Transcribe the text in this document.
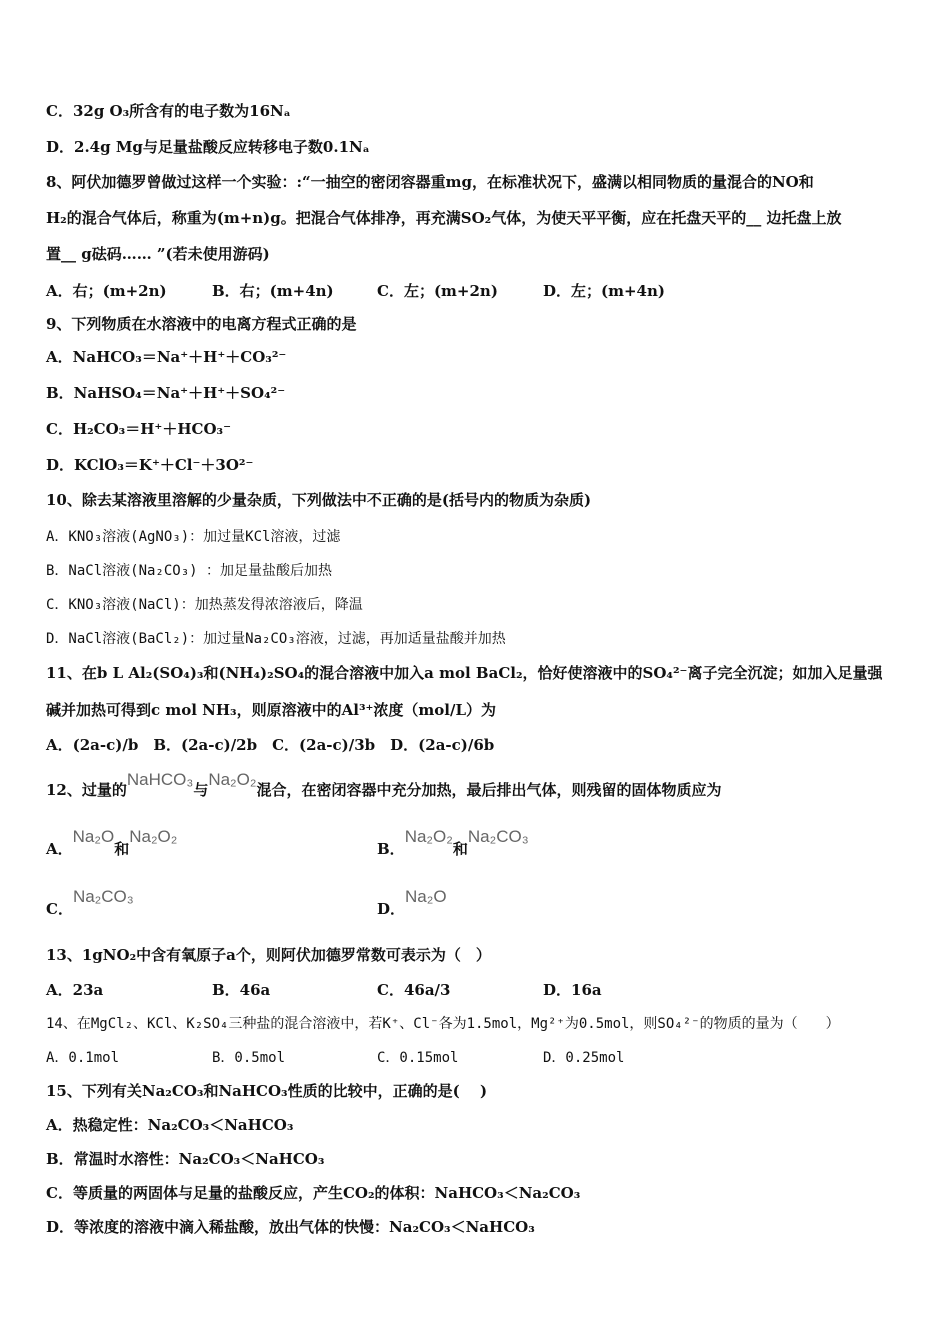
C．32g O₃所含有的电子数为16Nₐ
D．2.4g Mg与足量盐酸反应转移电子数0.1Nₐ
8、阿伏加德罗曾做过这样一个实验：:“一抽空的密闭容器重mg，在标准状况下，盛满以相同物质的量混合的NO和
H₂的混合气体后，称重为(m+n)g。把混合气体排净，再充满SO₂气体，为使天平平衡，应在托盘天平的__ 边托盘上放
置__ g砝码…… ”(若未使用游码)
A．右；(m+2n)	B．右；(m+4n)	C．左；(m+2n)	D．左；(m+4n)
9、下列物质在水溶液中的电离方程式正确的是
A．NaHCO₃＝Na⁺＋H⁺＋CO₃²⁻
B．NaHSO₄＝Na⁺＋H⁺＋SO₄²⁻
C．H₂CO₃＝H⁺＋HCO₃⁻
D．KClO₃＝K⁺＋Cl⁻＋3O²⁻
10、除去某溶液里溶解的少量杂质，下列做法中不正确的是(括号内的物质为杂质)
A．KNO₃溶液(AgNO₃)：加过量KCl溶液，过滤
B．NaCl溶液(Na₂CO₃) ：加足量盐酸后加热
C．KNO₃溶液(NaCl)：加热蒸发得浓溶液后，降温
D．NaCl溶液(BaCl₂)：加过量Na₂CO₃溶液，过滤，再加适量盐酸并加热
11、在b L Al₂(SO₄)₃和(NH₄)₂SO₄的混合溶液中加入a mol BaCl₂，恰好使溶液中的SO₄²⁻离子完全沉淀；如加入足量强
碱并加热可得到c mol NH₃，则原溶液中的Al³⁺浓度（mol/L）为
A．(2a-c)/b　B．(2a-c)/2b　C．(2a-c)/3b　D．(2a-c)/6b
12、过量的NaHCO₃与Na₂O₂混合，在密闭容器中充分加热，最后排出气体，则残留的固体物质应为
A．Na₂O和Na₂O₂
B．Na₂O₂和Na₂CO₃
C．Na₂CO₃
D．Na₂O
13、1gNO₂中含有氧原子a个，则阿伏加德罗常数可表示为（　）
A．23a	B．46a	C．46a/3	D．16a
14、在MgCl₂、KCl、K₂SO₄三种盐的混合溶液中，若K⁺、Cl⁻各为1.5mol，Mg²⁺为0.5mol，则SO₄²⁻的物质的量为（　　）
A．0.1mol	B．0.5mol	C．0.15mol	D．0.25mol
15、下列有关Na₂CO₃和NaHCO₃性质的比较中，正确的是(　 )
A．热稳定性：Na₂CO₃＜NaHCO₃
B．常温时水溶性：Na₂CO₃＜NaHCO₃
C．等质量的两固体与足量的盐酸反应，产生CO₂的体积：NaHCO₃＜Na₂CO₃
D．等浓度的溶液中滴入稀盐酸，放出气体的快慢：Na₂CO₃＜NaHCO₃
